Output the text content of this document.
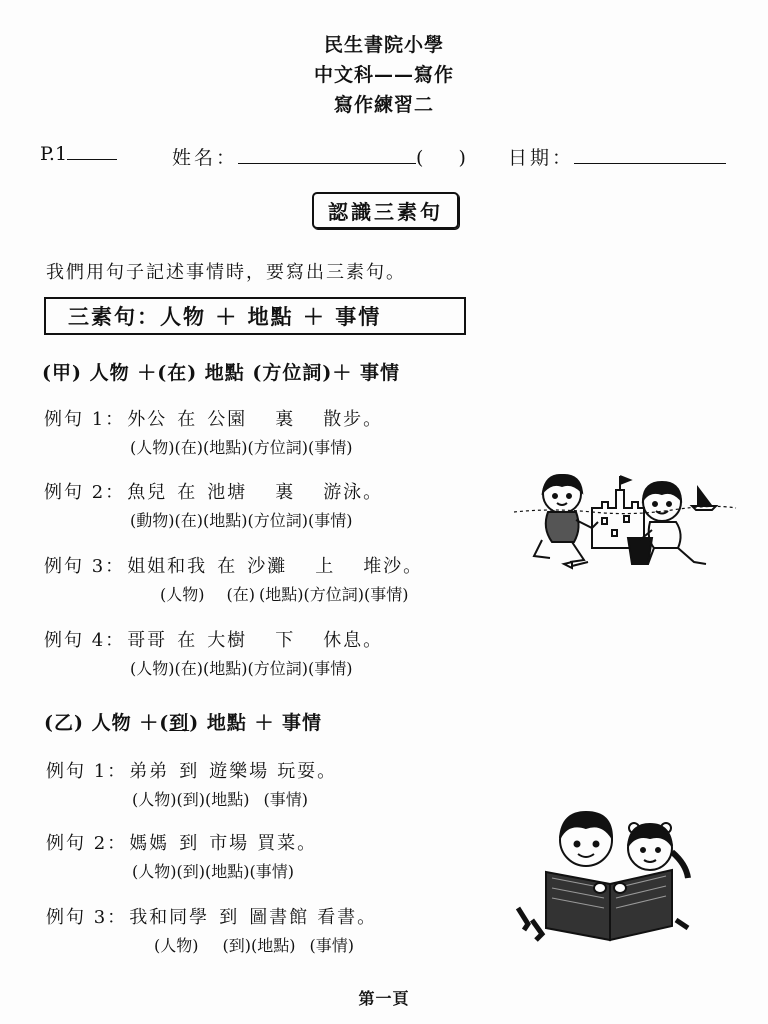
民生書院小學
中文科——寫作
寫作練習二
P.1	姓名：	( ) 日期：
認識三素句
我們用句子記述事情時，要寫出三素句。
三素句：人物 ＋ 地點 ＋ 事情
(甲) 人物 ＋(在) 地點 (方位詞)＋ 事情
例句 1： 外公 在 公園 裏 散步。
(人物)(在)(地點)(方位詞)(事情)
例句 2： 魚兒 在 池塘 裏 游泳。
(動物)(在)(地點)(方位詞)(事情)
例句 3： 姐姐和我 在 沙灘 上 堆沙。
(人物) (在) (地點)(方位詞)(事情)
例句 4： 哥哥 在 大樹 下 休息。
(人物)(在)(地點)(方位詞)(事情)
(乙) 人物 ＋(到) 地點 ＋ 事情
例句 1： 弟弟 到 遊樂場 玩耍。
(人物)(到)(地點) (事情)
例句 2： 媽媽 到 市場 買菜。
(人物)(到)(地點)(事情)
例句 3： 我和同學 到 圖書館 看書。
(人物) (到)(地點) (事情)
第一頁
